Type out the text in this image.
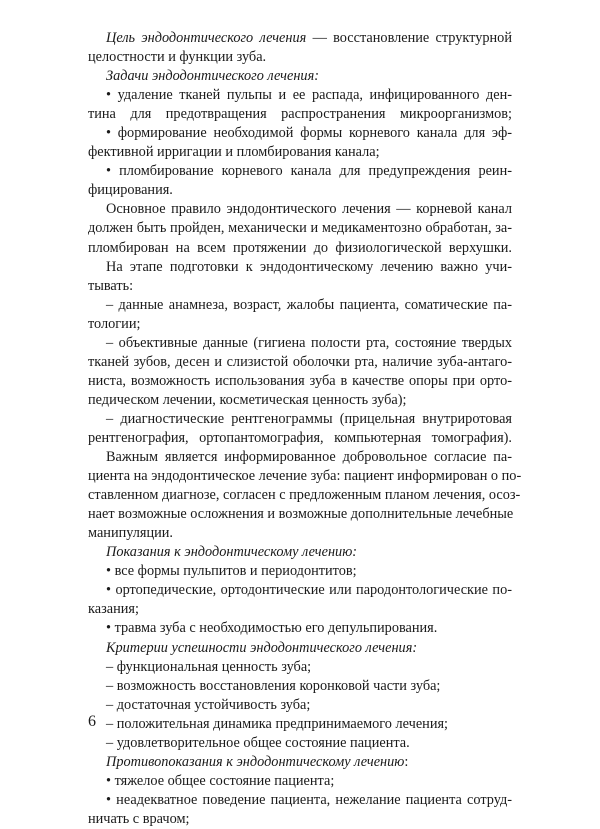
Цель эндодонтического лечения — восстановление структурной
целостности и функции зуба.
Задачи эндодонтического лечения:
• удаление тканей пульпы и ее распада, инфицированного ден-
тина для предотвращения распространения микроорганизмов;
• формирование необходимой формы корневого канала для эф-
фективной ирригации и пломбирования канала;
• пломбирование корневого канала для предупреждения реин-
фицирования.
Основное правило эндодонтического лечения — корневой канал
должен быть пройден, механически и медикаментозно обработан, за-
пломбирован на всем протяжении до физиологической верхушки.
На этапе подготовки к эндодонтическому лечению важно учи-
тывать:
– данные анамнеза, возраст, жалобы пациента, соматические па-
тологии;
– объективные данные (гигиена полости рта, состояние твердых
тканей зубов, десен и слизистой оболочки рта, наличие зуба-антаго-
ниста, возможность использования зуба в качестве опоры при орто-
педическом лечении, косметическая ценность зуба);
– диагностические рентгенограммы (прицельная внутриротовая
рентгенография, ортопантомография, компьютерная томография).
Важным является информированное добровольное согласие па-
циента на эндодонтическое лечение зуба: пациент информирован о по-
ставленном диагнозе, согласен с предложенным планом лечения, осоз-
нает возможные осложнения и возможные дополнительные лечебные
манипуляции.
Показания к эндодонтическому лечению:
• все формы пульпитов и периодонтитов;
• ортопедические, ортодонтические или пародонтологические по-
казания;
• травма зуба с необходимостью его депульпирования.
Критерии успешности эндодонтического лечения:
– функциональная ценность зуба;
– возможность восстановления коронковой части зуба;
– достаточная устойчивость зуба;
– положительная динамика предпринимаемого лечения;
– удовлетворительное общее состояние пациента.
Противопоказания к эндодонтическому лечению:
• тяжелое общее состояние пациента;
• неадекватное поведение пациента, нежелание пациента сотруд-
ничать с врачом;
6
